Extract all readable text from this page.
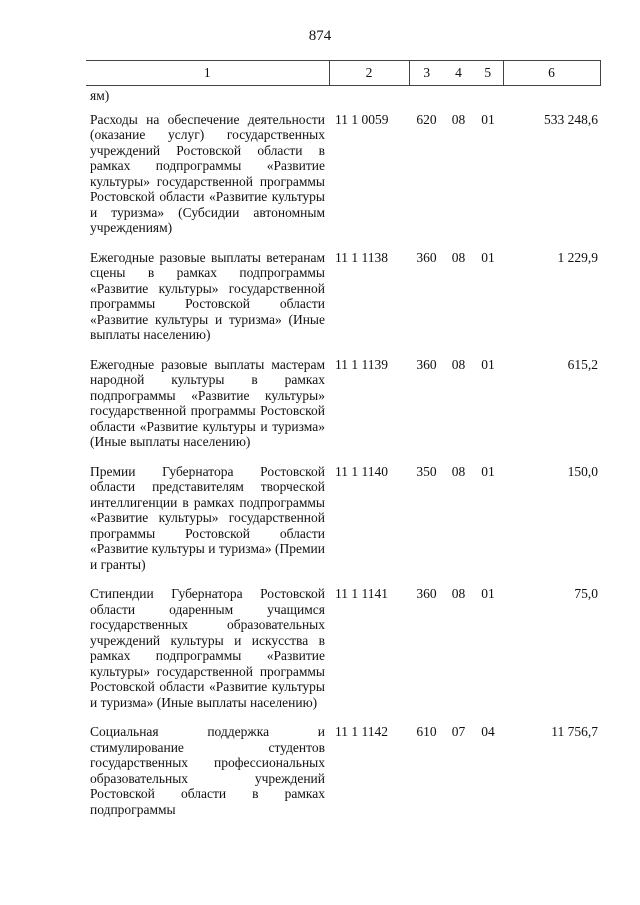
874
1	2	3	4	5	6
ям)					
Расходы на обеспечение деятельности (оказание услуг) государственных учреждений Ростовской области в рамках подпрограммы «Развитие культуры» государственной программы Ростовской области «Развитие культуры и туризма» (Субсидии автономным учреждениям)	11 1 0059	620	08	01	533 248,6

Ежегодные разовые выплаты ветеранам сцены в рамках подпрограммы «Развитие культуры» государственной программы Ростовской области «Развитие культуры и туризма» (Иные выплаты населению)	11 1 1138	360	08	01	1 229,9

Ежегодные разовые выплаты мастерам народной культуры в рамках подпрограммы «Развитие культуры» государственной программы Ростовской области «Развитие культуры и туризма» (Иные выплаты населению)	11 1 1139	360	08	01	615,2

Премии Губернатора Ростовской области представителям творческой интеллигенции в рамках подпрограммы «Развитие культуры» государственной программы Ростовской области «Развитие культуры и туризма» (Премии и гранты)	11 1 1140	350	08	01	150,0

Стипендии Губернатора Ростовской области одаренным учащимся государственных образовательных учреждений культуры и искусства в рамках подпрограммы «Развитие культуры» государственной программы Ростовской области «Развитие культуры и туризма» (Иные выплаты населению)	11 1 1141	360	08	01	75,0

Социальная поддержка и стимулирование студентов государственных профессиональных образовательных учреждений Ростовской области в рамках подпрограммы	11 1 1142	610	07	04	11 756,7
